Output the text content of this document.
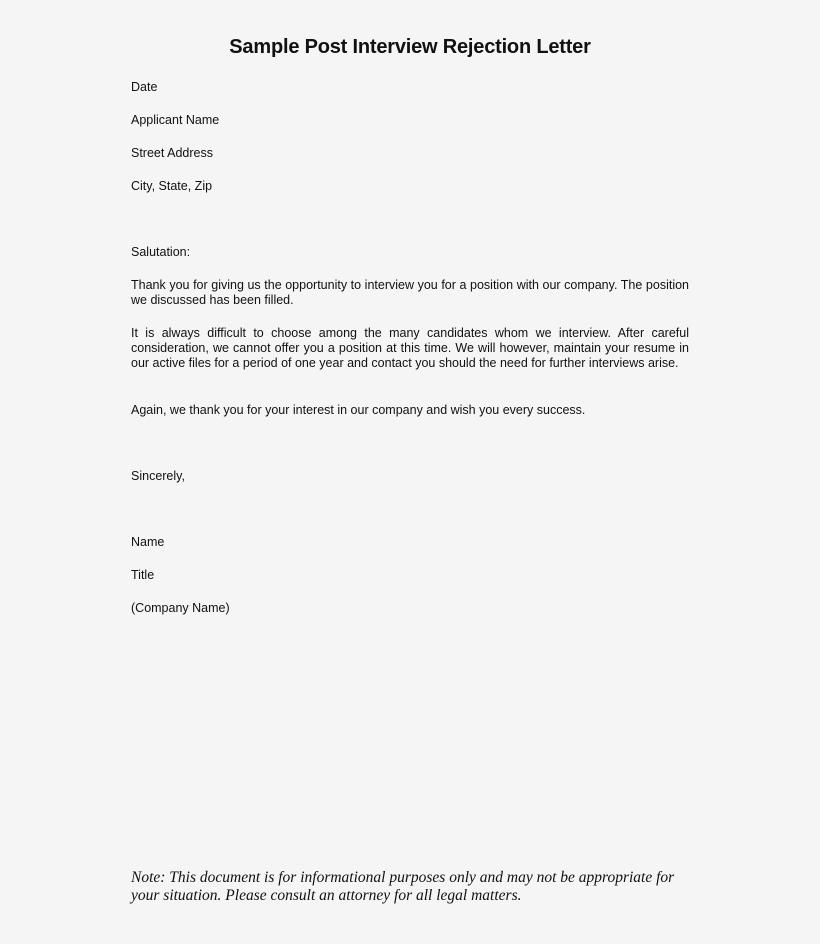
Sample Post Interview Rejection Letter
Date
Applicant Name
Street Address
City, State, Zip
Salutation:
Thank you for giving us the opportunity to interview you for a position with our company. The position we discussed has been filled.
It is always difficult to choose among the many candidates whom we interview. After careful consideration, we cannot offer you a position at this time. We will however, maintain your resume in our active files for a period of one year and contact you should the need for further interviews arise.
Again, we thank you for your interest in our company and wish you every success.
Sincerely,
Name
Title
(Company Name)
Note: This document is for informational purposes only and may not be appropriate for your situation. Please consult an attorney for all legal matters.
